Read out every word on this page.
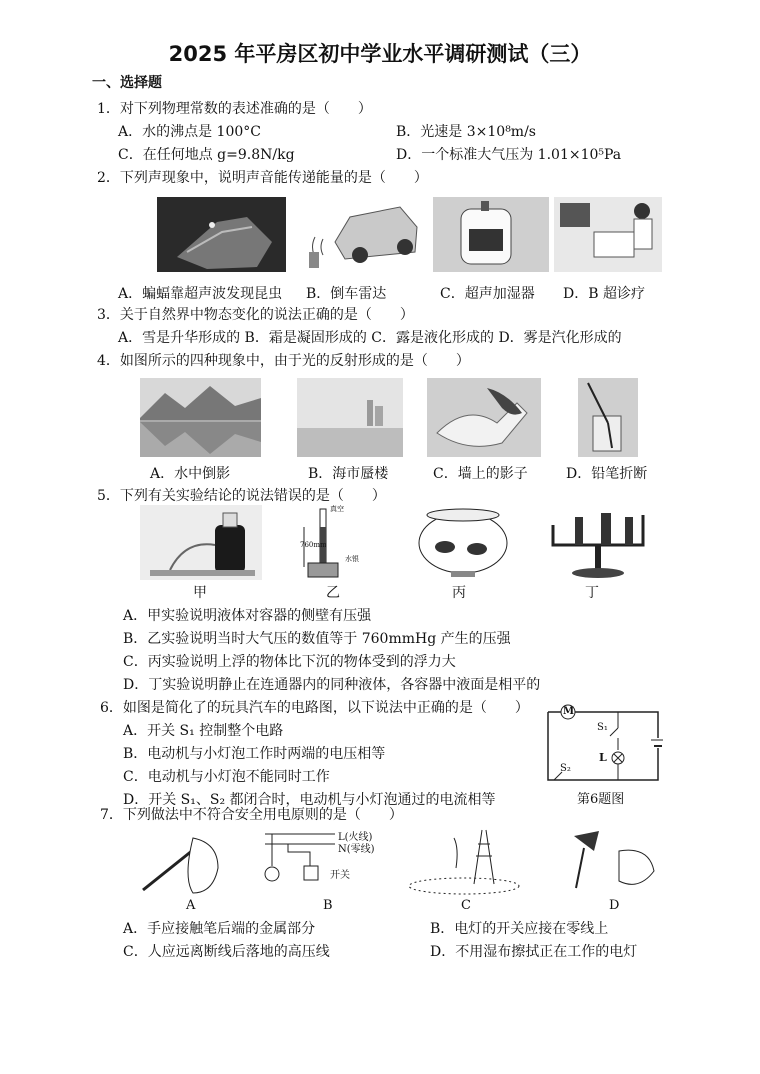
2025 年平房区初中学业水平调研测试（三）
一、选择题
1．对下列物理常数的表述准确的是（　　）
A．水的沸点是 100°C	B．光速是 3×10⁸m/s
C．在任何地点 g=9.8N/kg	D．一个标准大气压为 1.01×10⁵Pa
2．下列声现象中，说明声音能传递能量的是（　　）
A．蝙蝠靠超声波发现昆虫 B．倒车雷达	C．超声加湿器 D．B 超诊疗
3．关于自然界中物态变化的说法正确的是（　　）
A．雪是升华形成的 B．霜是凝固形成的 C．露是液化形成的 D．雾是汽化形成的
4．如图所示的四种现象中，由于光的反射形成的是（　　）
A．水中倒影	B．海市蜃楼	C．墙上的影子	D．铅笔折断
5．下列有关实验结论的说法错误的是（　　）
真空
760mm
水银
甲	乙	丙	丁
A．甲实验说明液体对容器的侧壁有压强
B．乙实验说明当时大气压的数值等于 760mmHg 产生的压强
C．丙实验说明上浮的物体比下沉的物体受到的浮力大
D．丁实验说明静止在连通器内的同种液体，各容器中液面是相平的
6．如图是简化了的玩具汽车的电路图，以下说法中正确的是（　　）
A．开关 S₁ 控制整个电路
B．电动机与小灯泡工作时两端的电压相等
C．电动机与小灯泡不能同时工作
D．开关 S₁、S₂ 都闭合时，电动机与小灯泡通过的电流相等
M
S₁
S₂
L
第6题图
7．下列做法中不符合安全用电原则的是（　　）
L(火线)
N(零线)
开关
A	B	C	D
A．手应接触笔后端的金属部分	B．电灯的开关应接在零线上
C．人应远离断线后落地的高压线	D．不用湿布擦拭正在工作的电灯
